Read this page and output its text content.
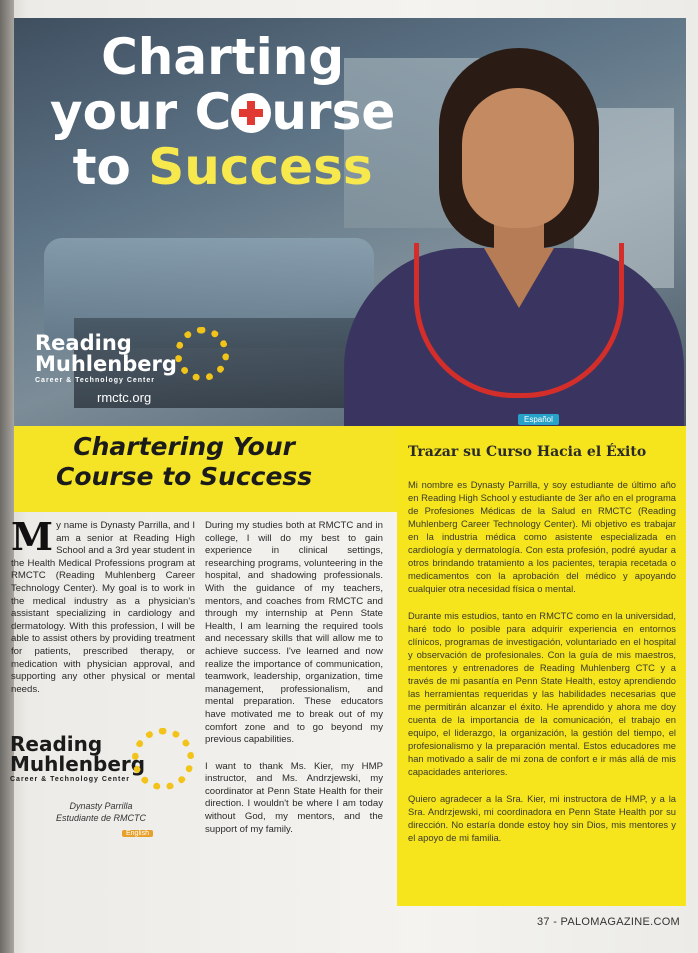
Charting
your C urse
to Success
Reading
Muhlenberg
Career & Technology Center
rmctc.org
Español
Chartering Your
Course to Success
My name is Dynasty Parrilla, and I am a senior at Reading High School and a 3rd year student in the Health Medical Professions program at RMCTC (Reading Muhlenberg Career Technology Center). My goal is to work in the medical industry as a physician's assistant specializing in cardiology and dermatology. With this profession, I will be able to assist others by providing treatment for patients, prescribed therapy, or medication with physician approval, and supporting any other physical or mental needs.

During my studies both at RMCTC and in college, I will do my best to gain experience in clinical settings, researching programs, volunteering in the hospital, and shadowing professionals. With the guidance of my teachers, mentors, and coaches from RMCTC and through my internship at Penn State Health, I am learning the required tools and necessary skills that will allow me to achieve success. I've learned and now realize the importance of communication, teamwork, leadership, organization, time management, professionalism, and mental preparation. These educators have motivated me to break out of my comfort zone and to go beyond my previous capabilities.

I want to thank Ms. Kier, my HMP instructor, and Ms. Andrzjewski, my coordinator at Penn State Health for their direction. I wouldn't be where I am today without God, my mentors, and the support of my family.

Reading
Muhlenberg
Career & Technology Center
Dynasty Parrilla
Estudiante de RMCTC
English
Trazar su Curso Hacia el Éxito

Mi nombre es Dynasty Parrilla, y soy estudiante de último año en Reading High School y estudiante de 3er año en el programa de Profesiones Médicas de la Salud en RMCTC (Reading Muhlenberg Career Technology Center). Mi objetivo es trabajar en la industria médica como asistente especializada en cardiología y dermatología. Con esta profesión, podré ayudar a otros brindando tratamiento a los pacientes, terapia recetada o medicamentos con la aprobación del médico y apoyando cualquier otra necesidad física o mental.

Durante mis estudios, tanto en RMCTC como en la universidad, haré todo lo posible para adquirir experiencia en entornos clínicos, programas de investigación, voluntariado en el hospital y observación de profesionales. Con la guía de mis maestros, mentores y entrenadores de Reading Muhlenberg CTC y a través de mi pasantía en Penn State Health, estoy aprendiendo las herramientas requeridas y las habilidades necesarias que me permitirán alcanzar el éxito. He aprendido y ahora me doy cuenta de la importancia de la comunicación, el trabajo en equipo, el liderazgo, la organización, la gestión del tiempo, el profesionalismo y la preparación mental. Estos educadores me han motivado a salir de mi zona de confort e ir más allá de mis capacidades anteriores.

Quiero agradecer a la Sra. Kier, mi instructora de HMP, y a la Sra. Andrzjewski, mi coordinadora en Penn State Health por su dirección. No estaría donde estoy hoy sin Dios, mis mentores y el apoyo de mi familia.

37 - PALOMAGAZINE.COM
